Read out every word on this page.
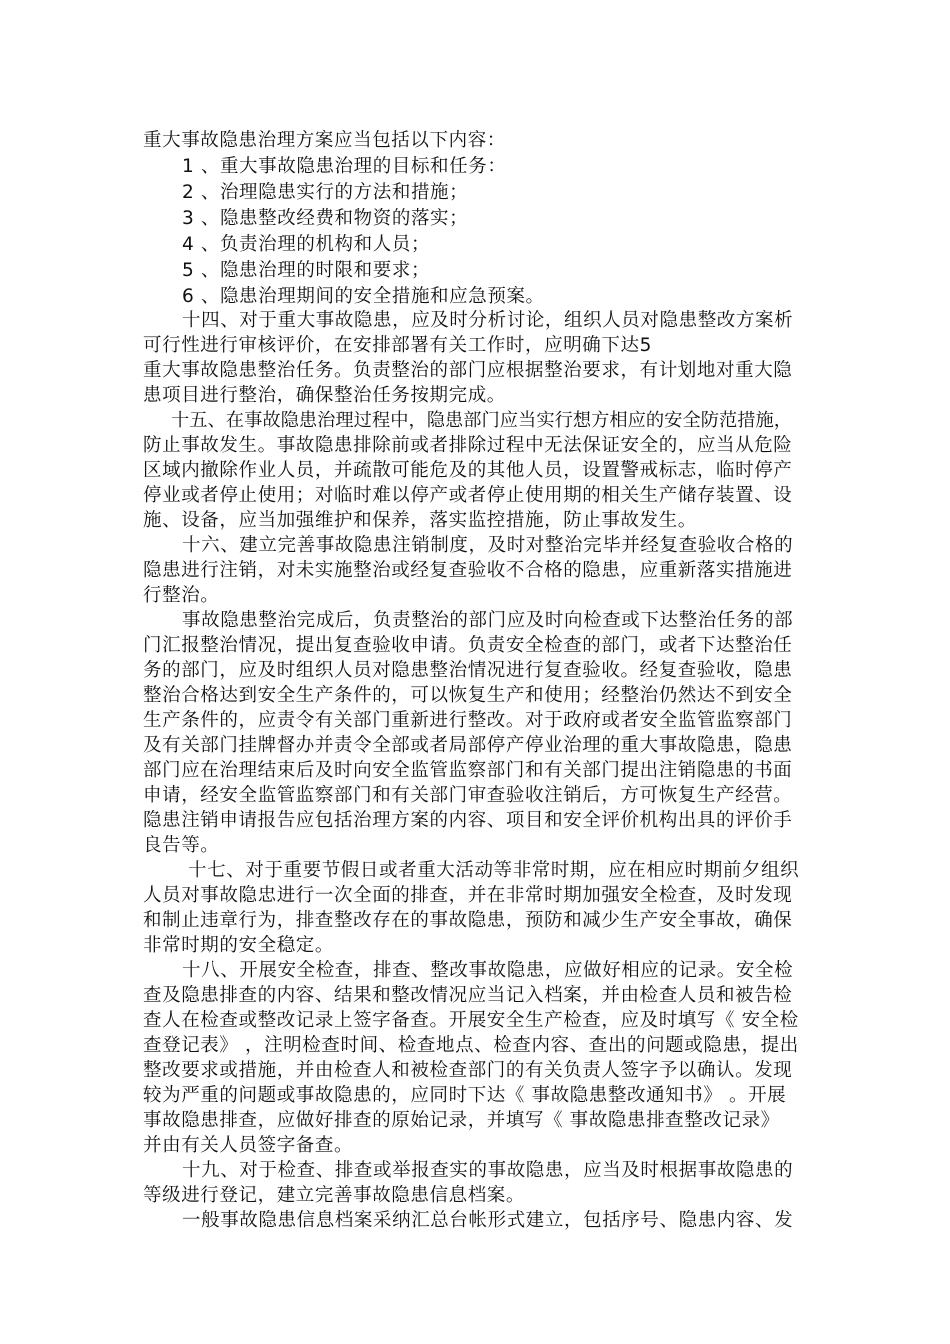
重大事故隐患治理方案应当包括以下内容：

1 、重大事故隐患治理的目标和任务：

2 、治理隐患实行的方法和措施；

3 、隐患整改经费和物资的落实；

4 、负责治理的机构和人员；

5 、隐患治理的时限和要求；

6 、隐患治理期间的安全措施和应急预案。

十四、对于重大事故隐患，应及时分析讨论，组织人员对隐患整改方案析

可行性进行审核评价，在安排部署有关工作时，应明确下达5

重大事故隐患整治任务。负责整治的部门应根据整治要求，有计划地对重大隐

患项目进行整治，确保整治任务按期完成。

十五、在事故隐患治理过程中，隐患部门应当实行想方相应的安全防范措施，

防止事故发生。事故隐患排除前或者排除过程中无法保证安全的，应当从危险

区域内撤除作业人员，并疏散可能危及的其他人员，设置警戒标志，临时停产

停业或者停止使用；对临时难以停产或者停止使用期的相关生产储存装置、设

施、设备，应当加强维护和保养，落实监控措施，防止事故发生。

十六、建立完善事故隐患注销制度，及时对整治完毕并经复查验收合格的

隐患进行注销，对未实施整治或经复查验收不合格的隐患，应重新落实措施进

行整治。

事故隐患整治完成后，负责整治的部门应及时向检查或下达整治任务的部

门汇报整治情况，提出复查验收申请。负责安全检查的部门，或者下达整治任

务的部门，应及时组织人员对隐患整治情况进行复查验收。经复查验收，隐患

整治合格达到安全生产条件的，可以恢复生产和使用；经整治仍然达不到安全

生产条件的，应责令有关部门重新进行整改。对于政府或者安全监管监察部门

及有关部门挂牌督办并责令全部或者局部停产停业治理的重大事故隐患，隐患

部门应在治理结束后及时向安全监管监察部门和有关部门提出注销隐患的书面

申请，经安全监管监察部门和有关部门审查验收注销后，方可恢复生产经营。

隐患注销申请报告应包括治理方案的内容、项目和安全评价机构出具的评价手

良告等。

十七、对于重要节假日或者重大活动等非常时期，应在相应时期前夕组织

人员对事故隐忠进行一次全面的排查，并在非常时期加强安全检查，及时发现

和制止违章行为，排查整改存在的事故隐患，预防和减少生产安全事故，确保

非常时期的安全稳定。

十八、开展安全检查，排查、整改事故隐患，应做好相应的记录。安全检

查及隐患排查的内容、结果和整改情况应当记入档案，并由检查人员和被告检

查人在检查或整改记录上签字备查。开展安全生产检查，应及时填写《 安全检

查登记表》 ，注明检查时间、检查地点、检查内容、查出的问题或隐患，提出

整改要求或措施，并由检查人和被检查部门的有关负责人签字予以确认。发现

较为严重的问题或事故隐患的，应同时下达《 事故隐患整改通知书》 。开展

事故隐患排查，应做好排查的原始记录，并填写《 事故隐患排查整改记录》

并由有关人员签字备查。

十九、对于检查、排查或举报查实的事故隐患，应当及时根据事故隐患的

等级进行登记，建立完善事故隐患信息档案。

一般事故隐患信息档案采纳汇总台帐形式建立，包括序号、隐患内容、发
